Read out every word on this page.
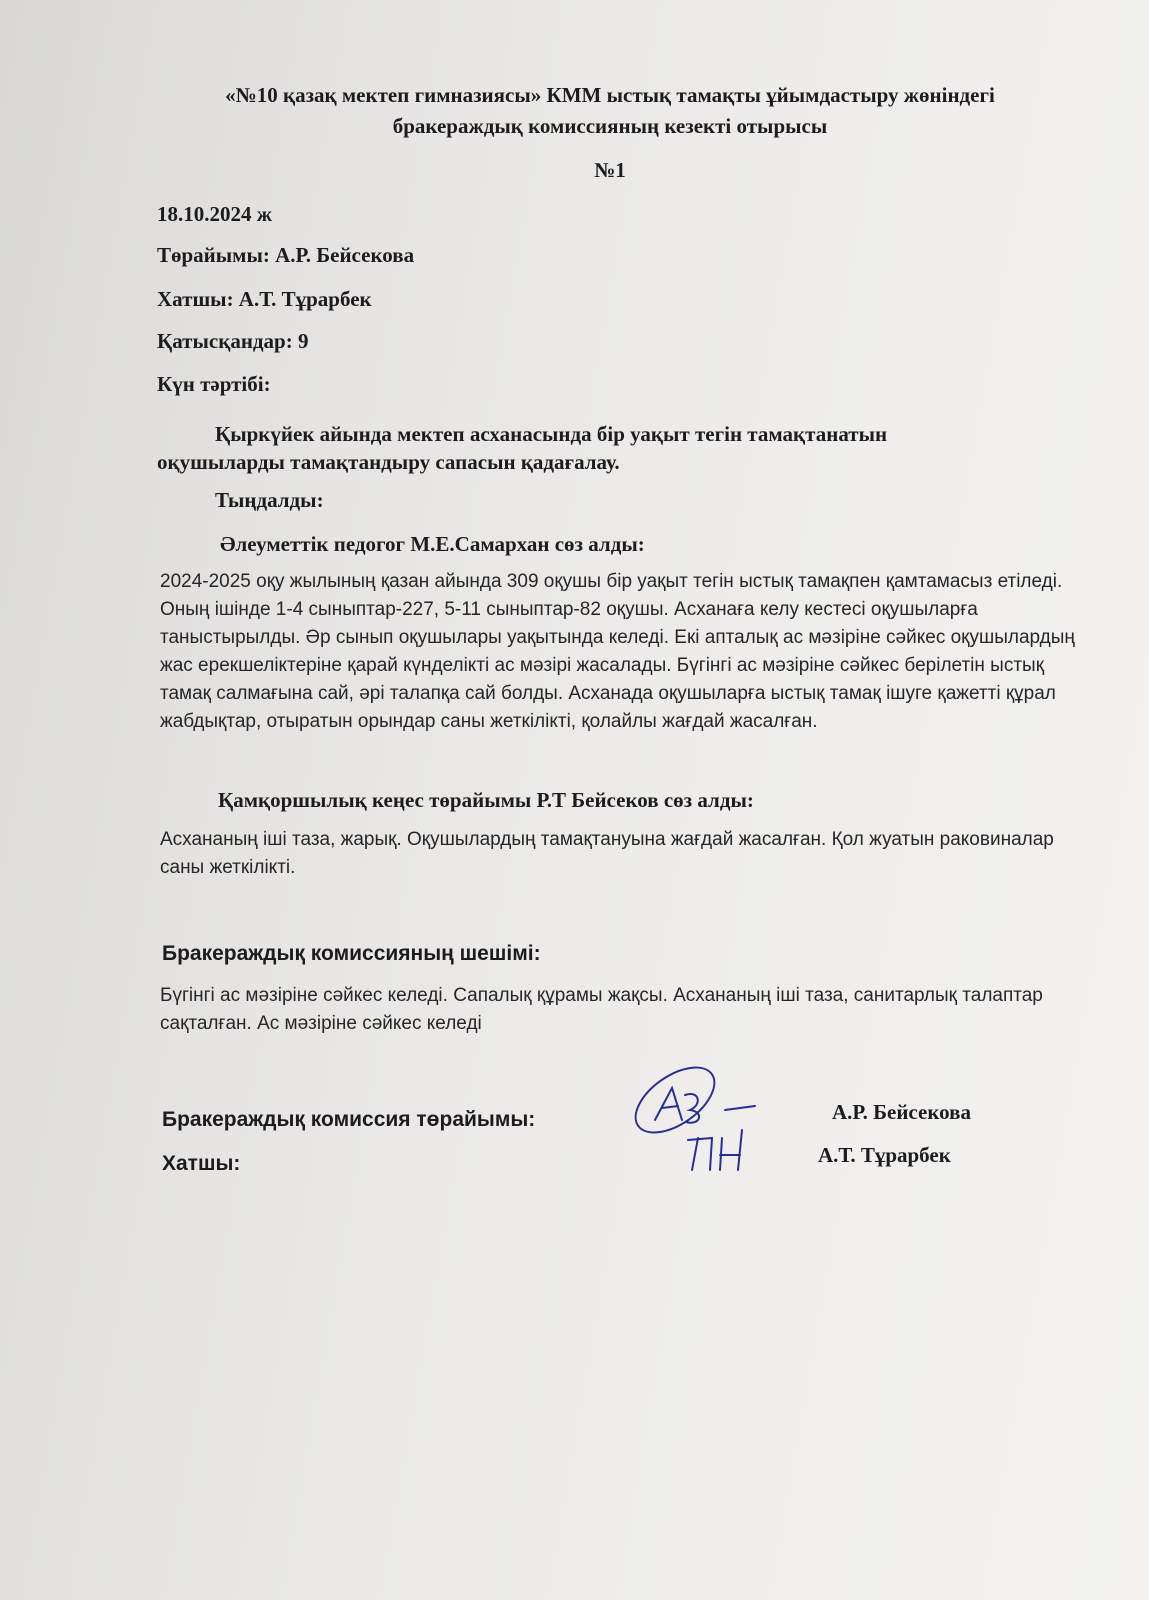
«№10 қазақ мектеп гимназиясы» КММ ыстық тамақты ұйымдастыру жөніндегі
бракераждық комиссияның кезекті отырысы
№1
18.10.2024 ж
Төрайымы: А.Р. Бейсекова
Хатшы: А.Т. Тұрарбек
Қатысқандар: 9
Күн тәртібі:
Қыркүйек айында мектеп асханасында бір уақыт тегін тамақтанатын оқушыларды тамақтандыру сапасын қадағалау.
Тыңдалды:
Әлеуметтік педогог М.Е.Самархан сөз алды:
2024-2025 оқу жылының қазан айында 309 оқушы бір уақыт тегін ыстық тамақпен қамтамасыз етіледі. Оның ішінде 1-4 сыныптар-227, 5-11 сыныптар-82 оқушы. Асханаға келу кестесі оқушыларға таныстырылды. Әр сынып оқушылары уақытында келеді. Екі апталық ас мәзіріне сәйкес оқушылардың жас ерекшеліктеріне қарай күнделікті ас мәзірі жасалады. Бүгінгі ас мәзіріне сәйкес берілетін ыстық тамақ салмағына сай, әрі талапқа сай болды. Асханада оқушыларға ыстық тамақ ішуге қажетті құрал жабдықтар, отыратын орындар саны жеткілікті, қолайлы жағдай жасалған.
Қамқоршылық кеңес төрайымы Р.Т Бейсеков сөз алды:
Асхананың іші таза, жарық. Оқушылардың тамақтануына жағдай жасалған. Қол жуатын раковиналар саны жеткілікті.
Бракераждық комиссияның шешімі:
Бүгінгі ас мәзіріне сәйкес келеді. Сапалық құрамы жақсы. Асхананың іші таза, санитарлық талаптар сақталған. Ас мәзіріне сәйкес келеді
Бракераждық комиссия төрайымы:	А.Р. Бейсекова
Хатшы:	А.Т. Тұрарбек
